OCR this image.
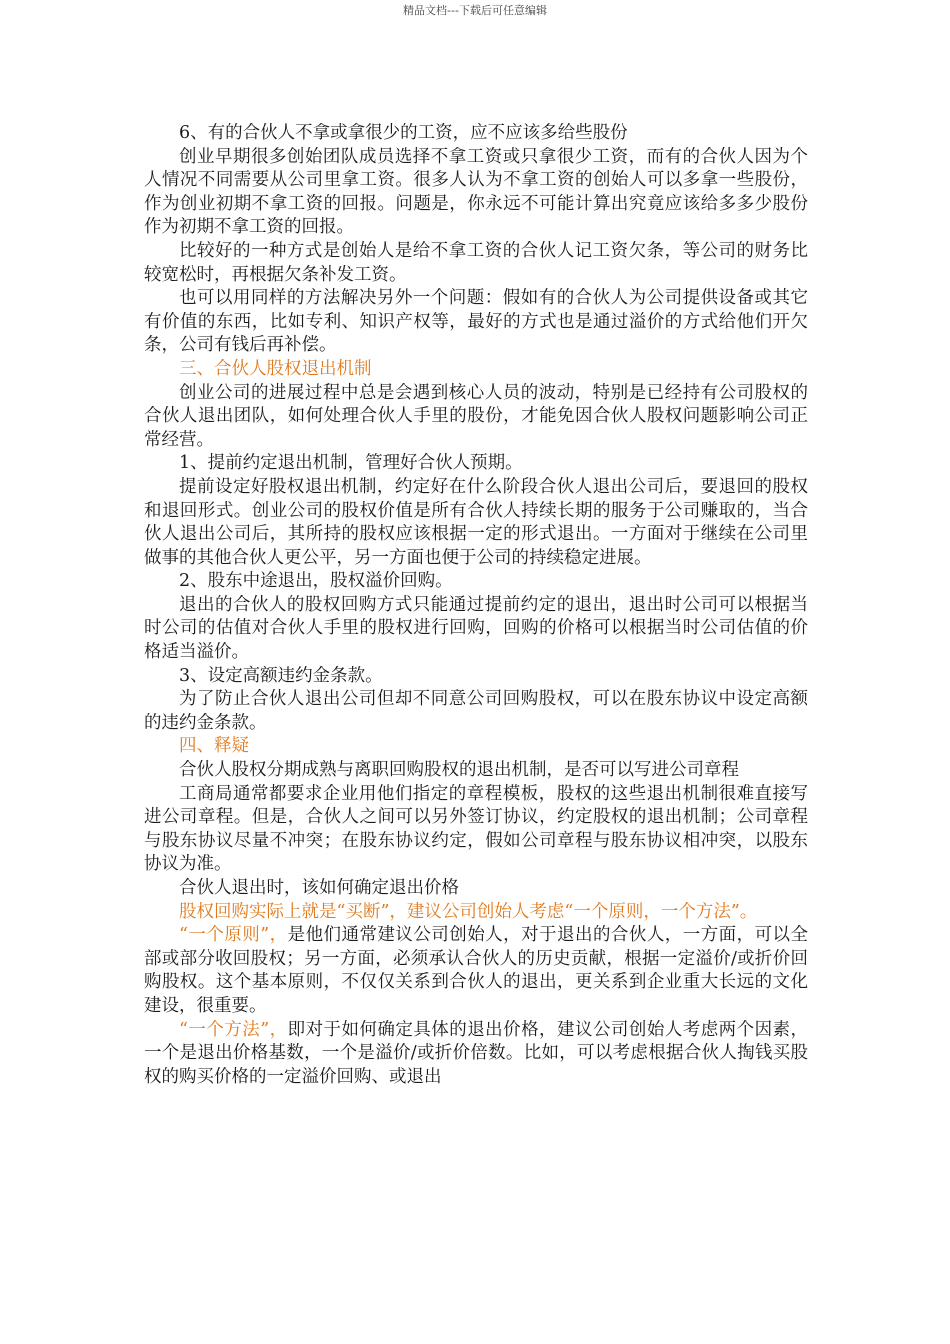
精品文档---下载后可任意编辑

6、有的合伙人不拿或拿很少的工资，应不应该多给些股份

创业早期很多创始团队成员选择不拿工资或只拿很少工资，而有的合伙人因为个人情况不同需要从公司里拿工资。很多人认为不拿工资的创始人可以多拿一些股份，作为创业初期不拿工资的回报。问题是，你永远不可能计算出究竟应该给多多少股份作为初期不拿工资的回报。

比较好的一种方式是创始人是给不拿工资的合伙人记工资欠条，等公司的财务比较宽松时，再根据欠条补发工资。

也可以用同样的方法解决另外一个问题：假如有的合伙人为公司提供设备或其它有价值的东西，比如专利、知识产权等，最好的方式也是通过溢价的方式给他们开欠条，公司有钱后再补偿。

三、合伙人股权退出机制

创业公司的进展过程中总是会遇到核心人员的波动，特别是已经持有公司股权的合伙人退出团队，如何处理合伙人手里的股份，才能免因合伙人股权问题影响公司正常经营。

1、提前约定退出机制，管理好合伙人预期。

提前设定好股权退出机制，约定好在什么阶段合伙人退出公司后，要退回的股权和退回形式。创业公司的股权价值是所有合伙人持续长期的服务于公司赚取的，当合伙人退出公司后，其所持的股权应该根据一定的形式退出。一方面对于继续在公司里做事的其他合伙人更公平，另一方面也便于公司的持续稳定进展。

2、股东中途退出，股权溢价回购。

退出的合伙人的股权回购方式只能通过提前约定的退出，退出时公司可以根据当时公司的估值对合伙人手里的股权进行回购，回购的价格可以根据当时公司估值的价格适当溢价。

3、设定高额违约金条款。

为了防止合伙人退出公司但却不同意公司回购股权，可以在股东协议中设定高额的违约金条款。

四、释疑

合伙人股权分期成熟与离职回购股权的退出机制，是否可以写进公司章程

工商局通常都要求企业用他们指定的章程模板，股权的这些退出机制很难直接写进公司章程。但是，合伙人之间可以另外签订协议，约定股权的退出机制；公司章程与股东协议尽量不冲突；在股东协议约定，假如公司章程与股东协议相冲突，以股东协议为准。

合伙人退出时，该如何确定退出价格

股权回购实际上就是“买断”，建议公司创始人考虑“一个原则，一个方法”。

“一个原则”，是他们通常建议公司创始人，对于退出的合伙人，一方面，可以全部或部分收回股权；另一方面，必须承认合伙人的历史贡献，根据一定溢价/或折价回购股权。这个基本原则，不仅仅关系到合伙人的退出，更关系到企业重大长远的文化建设，很重要。

“一个方法”，即对于如何确定具体的退出价格，建议公司创始人考虑两个因素，一个是退出价格基数，一个是溢价/或折价倍数。比如，可以考虑根据合伙人掏钱买股权的购买价格的一定溢价回购、或退出
